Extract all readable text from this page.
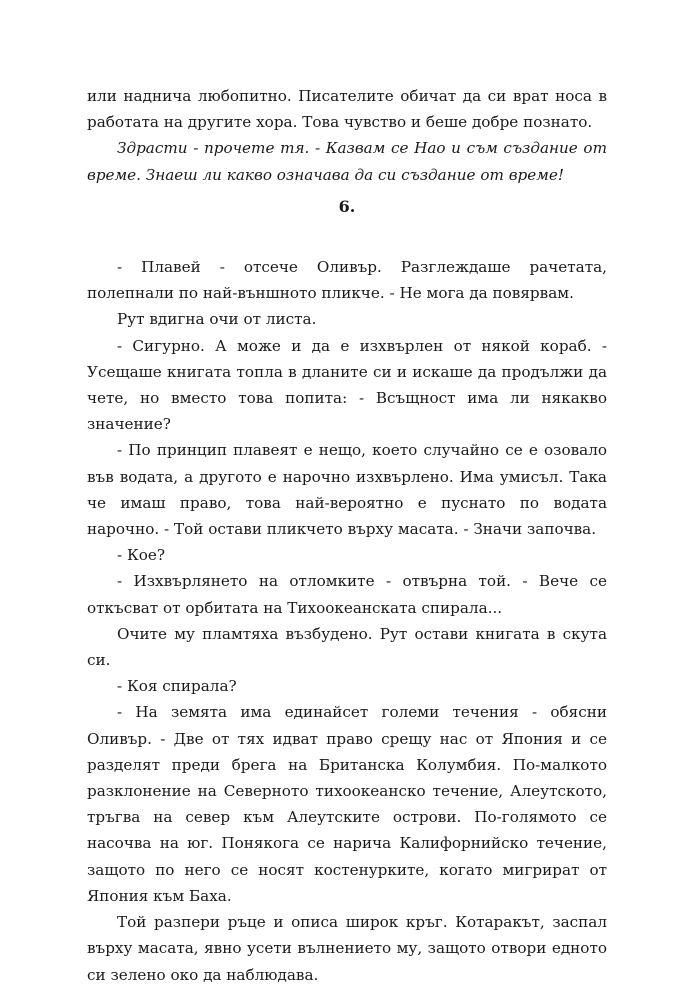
или надничa любопитно. Писателите обичат да си врат носа в работата на другите хора. Това чувство и беше добре познато.

Здрасти - прочете тя. - Казвам се Нао и съм създание от време. Знаеш ли какво означава да си създание от време!

6.

- Плавей - отсече Оливър. Разглеждаше рачетата, полепнали по най-външното пликче. - Не мога да повярвам.

Рут вдигна очи от листа.

- Сигурно. А може и да е изхвърлен от някой кораб. - Усещаше книгата топла в дланите си и искаше да продължи да чете, но вместо това попита: - Всъщност има ли някакво значение?

- По принцип плавеят е нещо, което случайно се е озовало във водата, а другото е нарочно изхвърлено. Има умисъл. Така че имаш право, това най-вероятно е пуснато по водата нарочно. - Той остави пликчето върху масата. - Значи започва.

- Кое?

- Изхвърлянето на отломките - отвърна той. - Вече се откъсват от орбитата на Тихоокеанската спирала...

Очите му пламтяха възбудено. Рут остави книгата в скута си.

- Коя спирала?

- На земята има единайсет големи течения - обясни Оливър. - Две от тях идват право срещу нас от Япония и се разделят преди брега на Британска Колумбия. По-малкото разклонение на Северното тихоокеанско течение, Алеутското, тръгва на север към Алеутските острови. По-голямото се насочва на юг. Понякога се нарича Калифорнийско течение, защото по него се носят костенурките, когато мигрират от Япония към Баха.

Той разпери ръце и описа широк кръг. Котаракът, заспал върху масата, явно усети вълнението му, защото отвори едното си зелено око да наблюдава.
